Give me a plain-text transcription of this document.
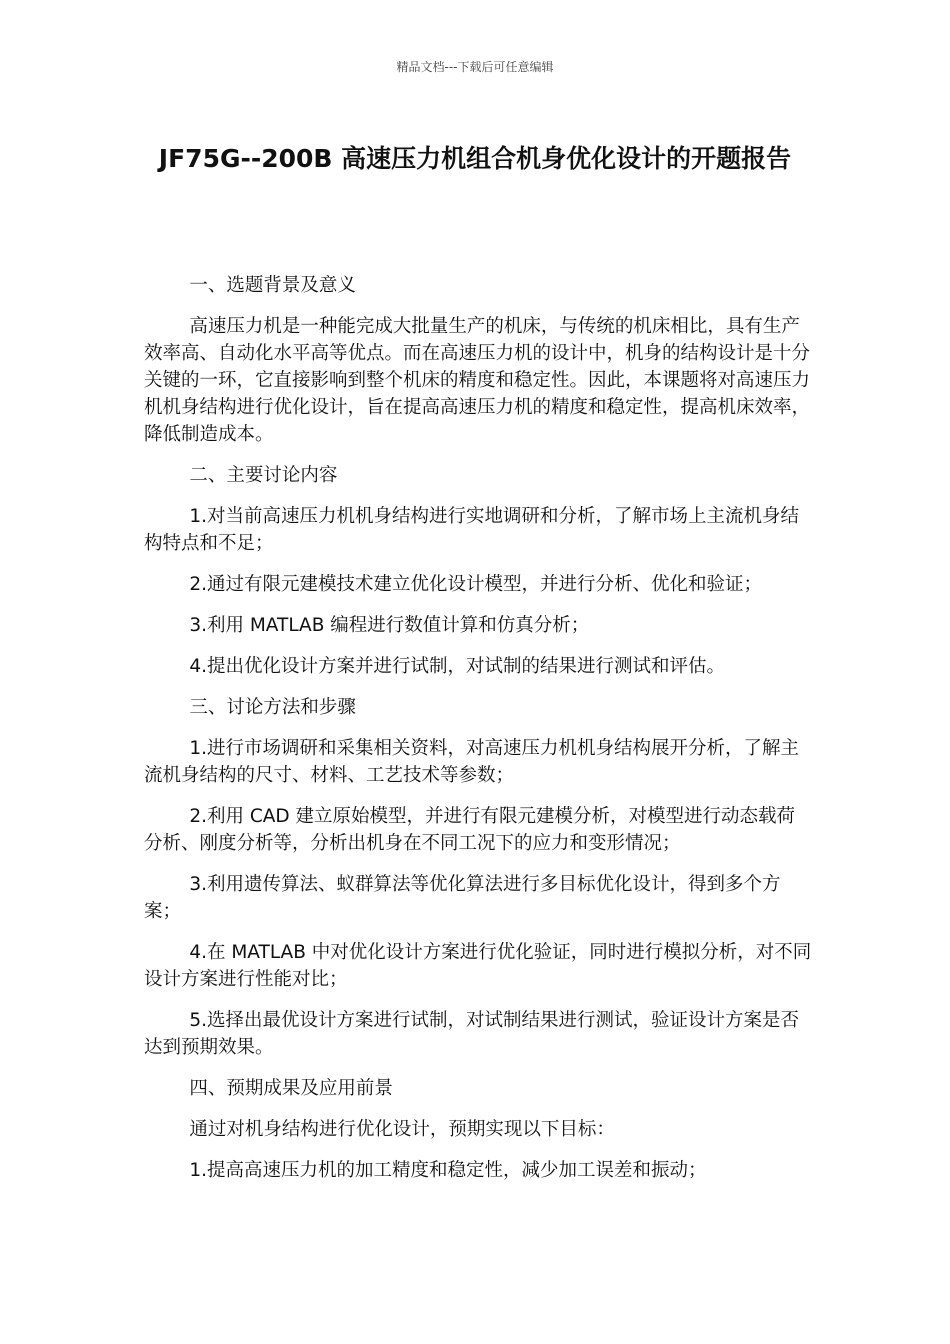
精品文档---下载后可任意编辑
JF75G--200B 高速压力机组合机身优化设计的开题报告

一、选题背景及意义

高速压力机是一种能完成大批量生产的机床，与传统的机床相比，具有生产效率高、自动化水平高等优点。而在高速压力机的设计中，机身的结构设计是十分关键的一环，它直接影响到整个机床的精度和稳定性。因此，本课题将对高速压力机机身结构进行优化设计，旨在提高高速压力机的精度和稳定性，提高机床效率，降低制造成本。

二、主要讨论内容

1.对当前高速压力机机身结构进行实地调研和分析，了解市场上主流机身结构特点和不足；

2.通过有限元建模技术建立优化设计模型，并进行分析、优化和验证；

3.利用 MATLAB 编程进行数值计算和仿真分析；

4.提出优化设计方案并进行试制，对试制的结果进行测试和评估。

三、讨论方法和步骤

1.进行市场调研和采集相关资料，对高速压力机机身结构展开分析，了解主流机身结构的尺寸、材料、工艺技术等参数；

2.利用 CAD 建立原始模型，并进行有限元建模分析，对模型进行动态载荷分析、刚度分析等，分析出机身在不同工况下的应力和变形情况；

3.利用遗传算法、蚁群算法等优化算法进行多目标优化设计，得到多个方案；

4.在 MATLAB 中对优化设计方案进行优化验证，同时进行模拟分析，对不同设计方案进行性能对比；

5.选择出最优设计方案进行试制，对试制结果进行测试，验证设计方案是否达到预期效果。

四、预期成果及应用前景

通过对机身结构进行优化设计，预期实现以下目标：

1.提高高速压力机的加工精度和稳定性，减少加工误差和振动；
